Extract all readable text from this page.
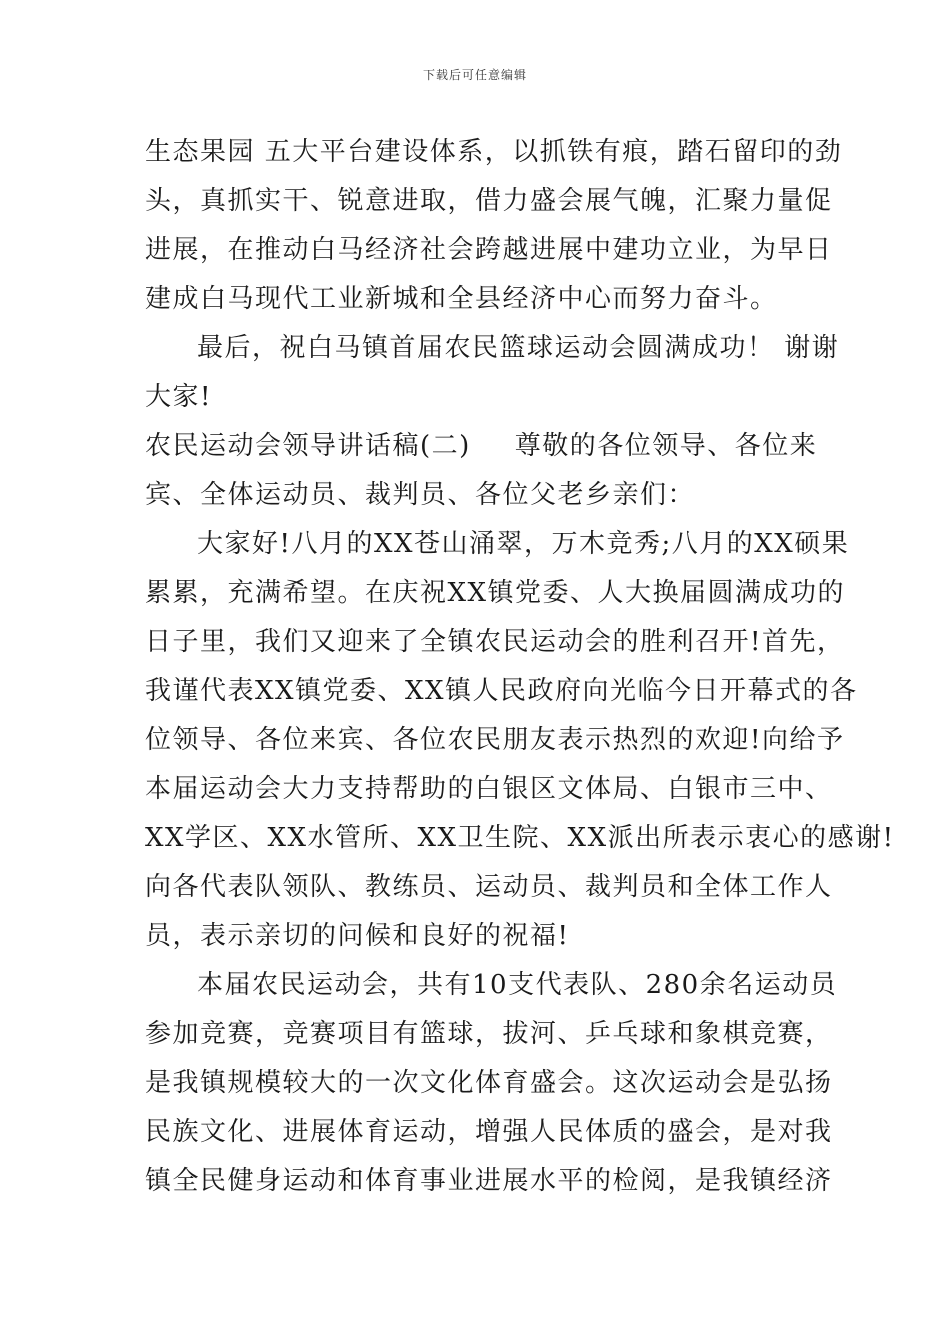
下载后可任意编辑
生态果园 五大平台建设体系，以抓铁有痕，踏石留印的劲
头，真抓实干、锐意进取，借力盛会展气魄，汇聚力量促
进展，在推动白马经济社会跨越进展中建功立业，为早日
建成白马现代工业新城和全县经济中心而努力奋斗。
最后，祝白马镇首届农民篮球运动会圆满成功！ 谢谢
大家!
农民运动会领导讲话稿(二) 尊敬的各位领导、各位来
宾、全体运动员、裁判员、各位父老乡亲们：
大家好!八月的XX苍山涌翠，万木竞秀;八月的XX硕果
累累，充满希望。在庆祝XX镇党委、人大换届圆满成功的
日子里，我们又迎来了全镇农民运动会的胜利召开!首先，
我谨代表XX镇党委、XX镇人民政府向光临今日开幕式的各
位领导、各位来宾、各位农民朋友表示热烈的欢迎!向给予
本届运动会大力支持帮助的白银区文体局、白银市三中、
XX学区、XX水管所、XX卫生院、XX派出所表示衷心的感谢!
向各代表队领队、教练员、运动员、裁判员和全体工作人
员，表示亲切的问候和良好的祝福!
本届农民运动会，共有10支代表队、280余名运动员
参加竞赛，竞赛项目有篮球，拔河、乒乓球和象棋竞赛，
是我镇规模较大的一次文化体育盛会。这次运动会是弘扬
民族文化、进展体育运动，增强人民体质的盛会，是对我
镇全民健身运动和体育事业进展水平的检阅，是我镇经济
